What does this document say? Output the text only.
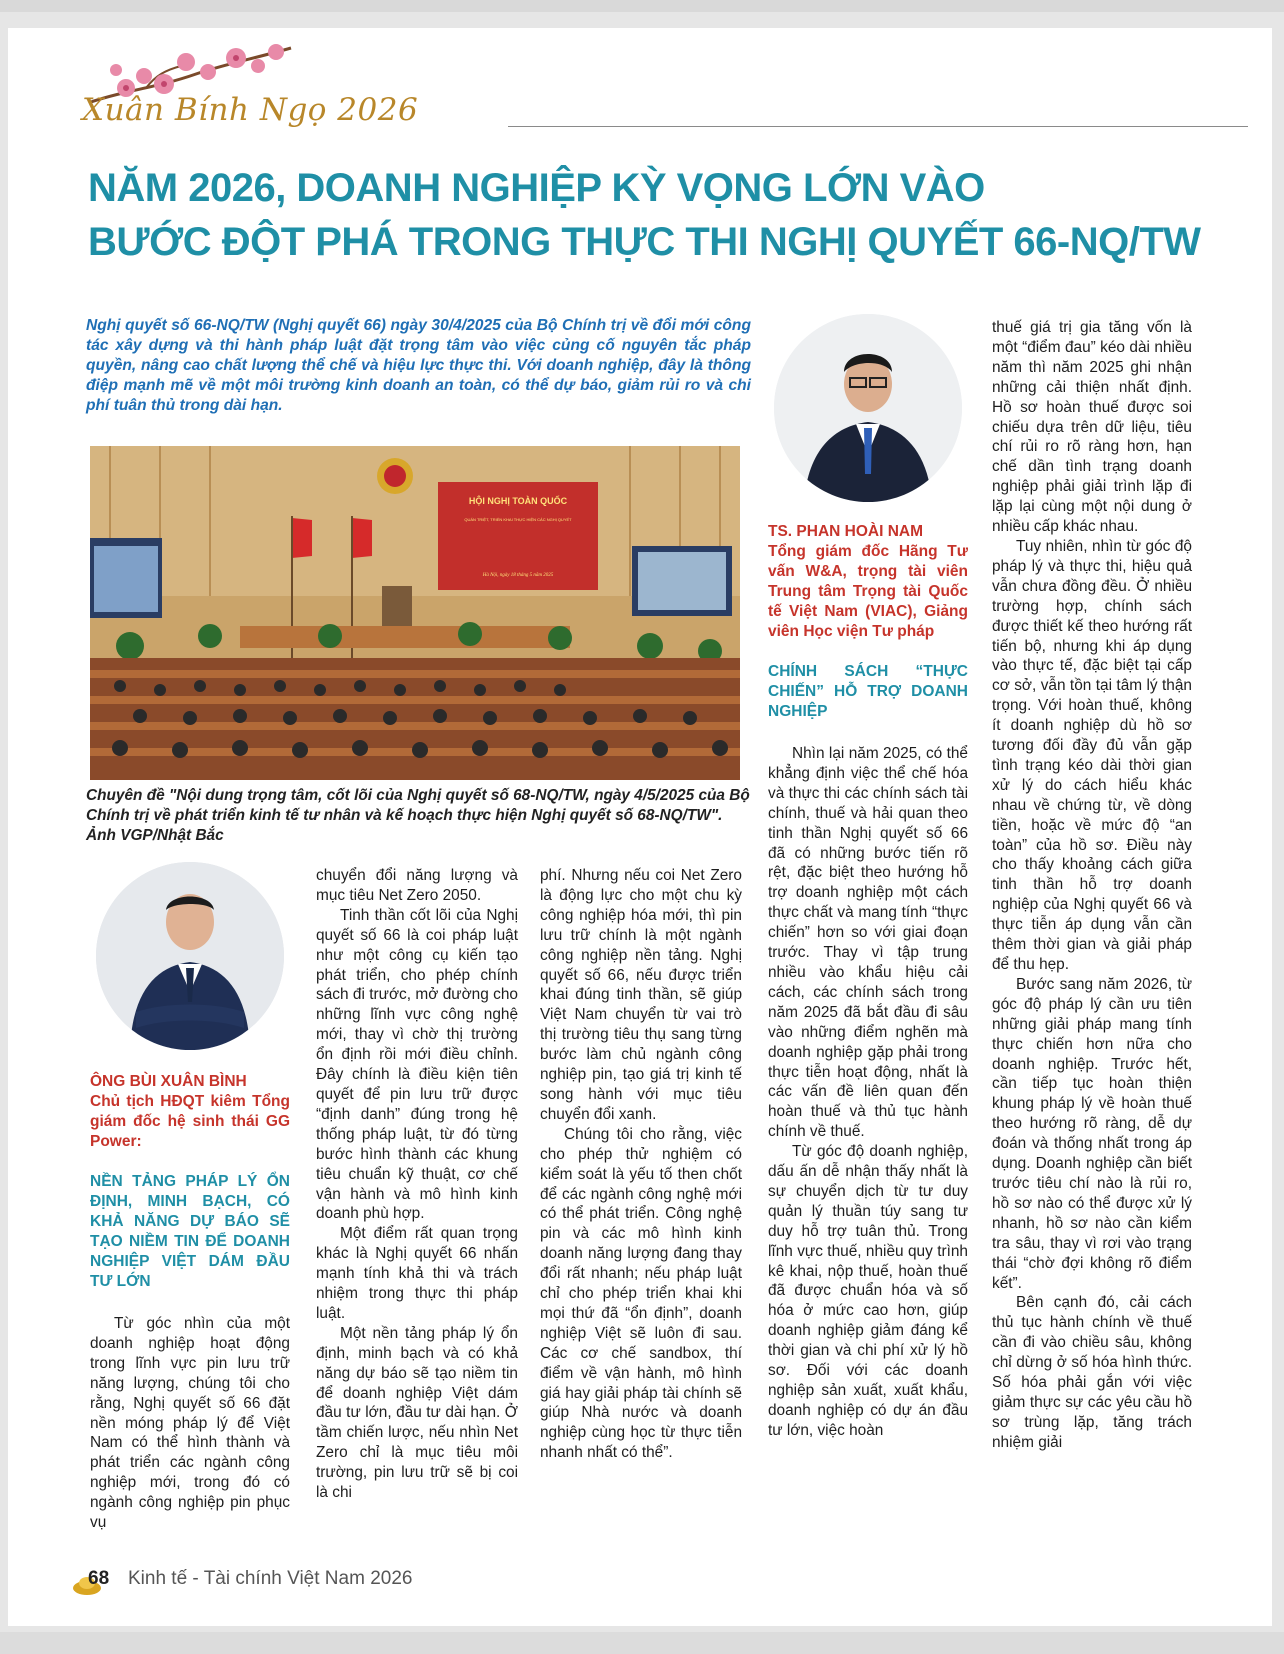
Xuân Bính Ngọ 2026
NĂM 2026, DOANH NGHIỆP KỲ VỌNG LỚN VÀO
BƯỚC ĐỘT PHÁ TRONG THỰC THI NGHỊ QUYẾT 66-NQ/TW
Nghị quyết số 66-NQ/TW (Nghị quyết 66) ngày 30/4/2025 của Bộ Chính trị về đổi mới công tác xây dựng và thi hành pháp luật đặt trọng tâm vào việc củng cố nguyên tắc pháp quyền, nâng cao chất lượng thể chế và hiệu lực thực thi. Với doanh nghiệp, đây là thông điệp mạnh mẽ về một môi trường kinh doanh an toàn, có thể dự báo, giảm rủi ro và chi phí tuân thủ trong dài hạn.
HỘI NGHỊ TOÀN QUỐC
QUÁN TRIỆT, TRIỂN KHAI THỰC HIỆN CÁC NGHỊ QUYẾT
Hà Nội, ngày 18 tháng 5 năm 2025
Chuyên đề "Nội dung trọng tâm, cốt lõi của Nghị quyết số 68-NQ/TW, ngày 4/5/2025 của Bộ Chính trị về phát triển kinh tế tư nhân và kế hoạch thực hiện Nghị quyết số 68-NQ/TW". Ảnh VGP/Nhật Bắc
ÔNG BÙI XUÂN BÌNH
Chủ tịch HĐQT kiêm Tổng giám đốc hệ sinh thái GG Power:
NỀN TẢNG PHÁP LÝ ỔN ĐỊNH, MINH BẠCH, CÓ KHẢ NĂNG DỰ BÁO SẼ TẠO NIỀM TIN ĐỂ DOANH NGHIỆP VIỆT DÁM ĐẦU TƯ LỚN

Từ góc nhìn của một doanh nghiệp hoạt động trong lĩnh vực pin lưu trữ năng lượng, chúng tôi cho rằng, Nghị quyết số 66 đặt nền móng pháp lý để Việt Nam có thể hình thành và phát triển các ngành công nghiệp mới, trong đó có ngành công nghiệp pin phục vụ

chuyển đổi năng lượng và mục tiêu Net Zero 2050.

Tinh thần cốt lõi của Nghị quyết số 66 là coi pháp luật như một công cụ kiến tạo phát triển, cho phép chính sách đi trước, mở đường cho những lĩnh vực công nghệ mới, thay vì chờ thị trường ổn định rồi mới điều chỉnh. Đây chính là điều kiện tiên quyết để pin lưu trữ được “định danh” đúng trong hệ thống pháp luật, từ đó từng bước hình thành các khung tiêu chuẩn kỹ thuật, cơ chế vận hành và mô hình kinh doanh phù hợp.

Một điểm rất quan trọng khác là Nghị quyết 66 nhấn mạnh tính khả thi và trách nhiệm trong thực thi pháp luật.

Một nền tảng pháp lý ổn định, minh bạch và có khả năng dự báo sẽ tạo niềm tin để doanh nghiệp Việt dám đầu tư lớn, đầu tư dài hạn. Ở tầm chiến lược, nếu nhìn Net Zero chỉ là mục tiêu môi trường, pin lưu trữ sẽ bị coi là chi

phí. Nhưng nếu coi Net Zero là động lực cho một chu kỳ công nghiệp hóa mới, thì pin lưu trữ chính là một ngành công nghiệp nền tảng. Nghị quyết số 66, nếu được triển khai đúng tinh thần, sẽ giúp Việt Nam chuyển từ vai trò thị trường tiêu thụ sang từng bước làm chủ ngành công nghiệp pin, tạo giá trị kinh tế song hành với mục tiêu chuyển đổi xanh.

Chúng tôi cho rằng, việc cho phép thử nghiệm có kiểm soát là yếu tố then chốt để các ngành công nghệ mới có thể phát triển. Công nghệ pin và các mô hình kinh doanh năng lượng đang thay đổi rất nhanh; nếu pháp luật chỉ cho phép triển khai khi mọi thứ đã “ổn định”, doanh nghiệp Việt sẽ luôn đi sau. Các cơ chế sandbox, thí điểm về vận hành, mô hình giá hay giải pháp tài chính sẽ giúp Nhà nước và doanh nghiệp cùng học từ thực tiễn nhanh nhất có thể”.

TS. PHAN HOÀI NAM
Tổng giám đốc Hãng Tư vấn W&A, trọng tài viên Trung tâm Trọng tài Quốc tế Việt Nam (VIAC), Giảng viên Học viện Tư pháp
CHÍNH SÁCH “THỰC CHIẾN” HỖ TRỢ DOANH NGHIỆP

Nhìn lại năm 2025, có thể khẳng định việc thể chế hóa và thực thi các chính sách tài chính, thuế và hải quan theo tinh thần Nghị quyết số 66 đã có những bước tiến rõ rệt, đặc biệt theo hướng hỗ trợ doanh nghiệp một cách thực chất và mang tính “thực chiến” hơn so với giai đoạn trước. Thay vì tập trung nhiều vào khẩu hiệu cải cách, các chính sách trong năm 2025 đã bắt đầu đi sâu vào những điểm nghẽn mà doanh nghiệp gặp phải trong thực tiễn hoạt động, nhất là các vấn đề liên quan đến hoàn thuế và thủ tục hành chính về thuế.

Từ góc độ doanh nghiệp, dấu ấn dễ nhận thấy nhất là sự chuyển dịch từ tư duy quản lý thuần túy sang tư duy hỗ trợ tuân thủ. Trong lĩnh vực thuế, nhiều quy trình kê khai, nộp thuế, hoàn thuế đã được chuẩn hóa và số hóa ở mức cao hơn, giúp doanh nghiệp giảm đáng kể thời gian và chi phí xử lý hồ sơ. Đối với các doanh nghiệp sản xuất, xuất khẩu, doanh nghiệp có dự án đầu tư lớn, việc hoàn

thuế giá trị gia tăng vốn là một “điểm đau” kéo dài nhiều năm thì năm 2025 ghi nhận những cải thiện nhất định. Hồ sơ hoàn thuế được soi chiếu dựa trên dữ liệu, tiêu chí rủi ro rõ ràng hơn, hạn chế dần tình trạng doanh nghiệp phải giải trình lặp đi lặp lại cùng một nội dung ở nhiều cấp khác nhau.

Tuy nhiên, nhìn từ góc độ pháp lý và thực thi, hiệu quả vẫn chưa đồng đều. Ở nhiều trường hợp, chính sách được thiết kế theo hướng rất tiến bộ, nhưng khi áp dụng vào thực tế, đặc biệt tại cấp cơ sở, vẫn tồn tại tâm lý thận trọng. Với hoàn thuế, không ít doanh nghiệp dù hồ sơ tương đối đầy đủ vẫn gặp tình trạng kéo dài thời gian xử lý do cách hiểu khác nhau về chứng từ, về dòng tiền, hoặc về mức độ “an toàn” của hồ sơ. Điều này cho thấy khoảng cách giữa tinh thần hỗ trợ doanh nghiệp của Nghị quyết 66 và thực tiễn áp dụng vẫn cần thêm thời gian và giải pháp để thu hẹp.

Bước sang năm 2026, từ góc độ pháp lý cần ưu tiên những giải pháp mang tính thực chiến hơn nữa cho doanh nghiệp. Trước hết, cần tiếp tục hoàn thiện khung pháp lý về hoàn thuế theo hướng rõ ràng, dễ dự đoán và thống nhất trong áp dụng. Doanh nghiệp cần biết trước tiêu chí nào là rủi ro, hồ sơ nào có thể được xử lý nhanh, hồ sơ nào cần kiểm tra sâu, thay vì rơi vào trạng thái “chờ đợi không rõ điểm kết”.

Bên cạnh đó, cải cách thủ tục hành chính về thuế cần đi vào chiều sâu, không chỉ dừng ở số hóa hình thức. Số hóa phải gắn với việc giảm thực sự các yêu cầu hồ sơ trùng lặp, tăng trách nhiệm giải

68 Kinh tế - Tài chính Việt Nam 2026
